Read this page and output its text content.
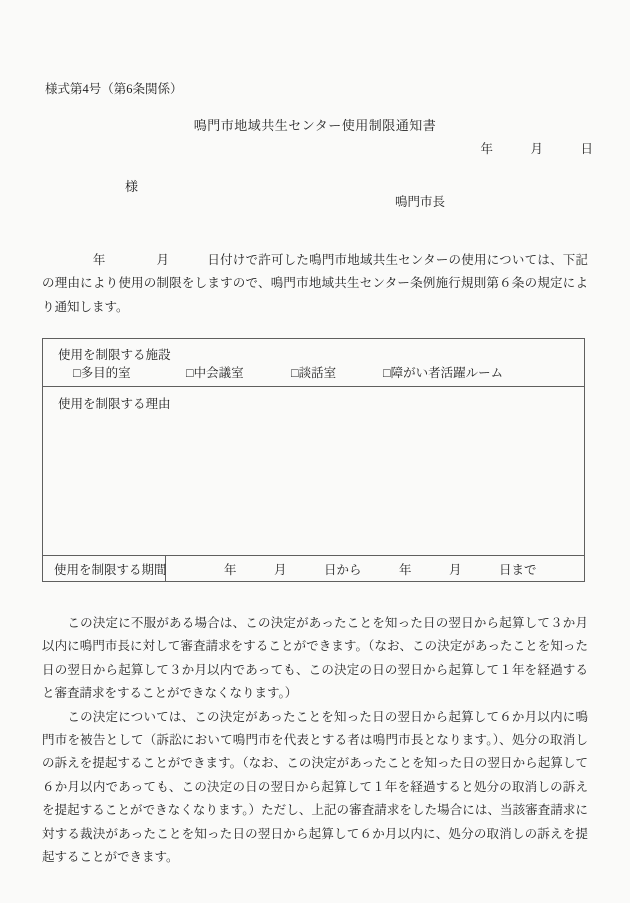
様式第4号（第6条関係）
鳴門市地域共生センター使用制限通知書
年　　　月　　　日
様
鳴門市長
　　　　年　　　　月　　　日付けで許可した鳴門市地域共生センターの使用については、下記の理由により使用の制限をしますので、鳴門市地域共生センター条例施行規則第６条の規定により通知します。
使用を制限する施設
□多目的室	□中会議室	□談話室	□障がい者活躍ルーム
使用を制限する理由
使用を制限する期間	年　　　月　　　日から　　　年　　　月　　　日まで

　　この決定に不服がある場合は、この決定があったことを知った日の翌日から起算して３か月以内に鳴門市長に対して審査請求をすることができます。（なお、この決定があったことを知った日の翌日から起算して３か月以内であっても、この決定の日の翌日から起算して１年を経過すると審査請求をすることができなくなります。）

　　この決定については、この決定があったことを知った日の翌日から起算して６か月以内に鳴門市を被告として（訴訟において鳴門市を代表とする者は鳴門市長となります。）、処分の取消しの訴えを提起することができます。（なお、この決定があったことを知った日の翌日から起算して６か月以内であっても、この決定の日の翌日から起算して１年を経過すると処分の取消しの訴えを提起することができなくなります。）ただし、上記の審査請求をした場合には、当該審査請求に対する裁決があったことを知った日の翌日から起算して６か月以内に、処分の取消しの訴えを提起することができます。
